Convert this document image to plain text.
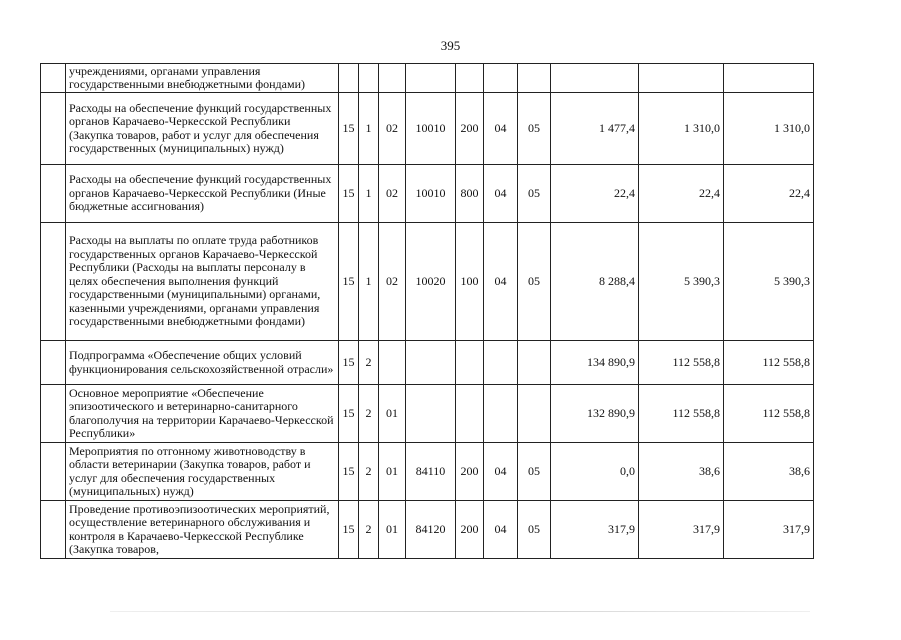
395
	учреждениями, органами управления государственными внебюджетными фондами)										
	Расходы на обеспечение функций государственных органов Карачаево-Черкесской Республики (Закупка товаров, работ и услуг для обеспечения государственных (муниципальных) нужд)	15	1	02	10010	200	04	05	1 477,4	1 310,0	1 310,0
	Расходы на обеспечение функций государственных органов Карачаево-Черкесской Республики (Иные бюджетные ассигнования)	15	1	02	10010	800	04	05	22,4	22,4	22,4
	Расходы на выплаты по оплате труда работников государственных органов Карачаево-Черкесской Республики (Расходы на выплаты персоналу в целях обеспечения выполнения функций государственными (муниципальными) органами, казенными учреждениями, органами управления государственными внебюджетными фондами)	15	1	02	10020	100	04	05	8 288,4	5 390,3	5 390,3
	Подпрограмма «Обеспечение общих условий функционирования сельскохозяйственной отрасли»	15	2						134 890,9	112 558,8	112 558,8
	Основное мероприятие «Обеспечение эпизоотического и ветеринарно-санитарного благополучия на территории Карачаево-Черкесской Республики»	15	2	01					132 890,9	112 558,8	112 558,8
	Мероприятия по отгонному животноводству в области ветеринарии (Закупка товаров, работ и услуг для обеспечения государственных (муниципальных) нужд)	15	2	01	84110	200	04	05	0,0	38,6	38,6
	Проведение противоэпизоотических мероприятий, осуществление ветеринарного обслуживания и контроля в Карачаево-Черкесской Республике (Закупка товаров,	15	2	01	84120	200	04	05	317,9	317,9	317,9
